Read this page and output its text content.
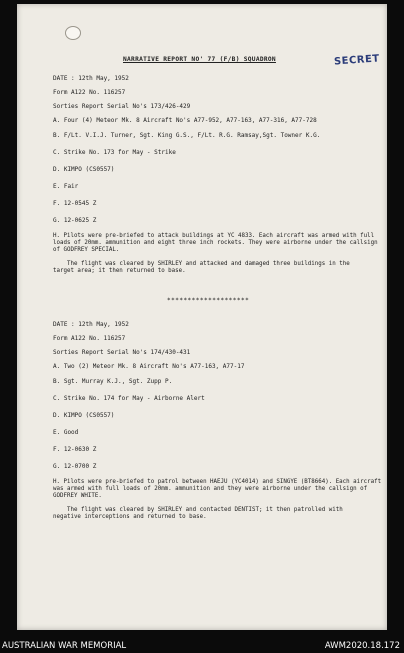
NARRATIVE REPORT NO' 77 (F/B) SQUADRON	SECRET
DATE : 12th May, 1952
Form A122 No. 116257
Sorties Report Serial No's 173/426-429
A. Four (4) Meteor Mk. 8 Aircraft No's A77-952, A77-163, A77-316, A77-728
B. F/Lt. V.I.J. Turner, Sgt. King G.S., F/Lt. R.G. Ramsay,Sgt. Towner K.G.
C. Strike No. 173 for May - Strike
D. KIMPO (CS0557)
E. Fair
F. 12-0545 Z
G. 12-0625 Z
H. Pilots were pre-briefed to attack buildings at YC 4833. Each aircraft was armed with full loads of 20mm. ammunition and eight three inch rockets. They were airborne under the callsign of GODFREY SPECIAL.
The flight was cleared by SHIRLEY and attacked and damaged three buildings in the target area; it then returned to base.
********************
DATE : 12th May, 1952
Form A122 No. 116257
Sorties Report Serial No's 174/430-431
A. Two (2) Meteor Mk. 8 Aircraft No's A77-163, A77-17
B. Sgt. Murray K.J., Sgt. Zupp P.
C. Strike No. 174 for May - Airborne Alert
D. KIMPO (CS0557)
E. Good
F. 12-0630 Z
G. 12-0700 Z
H. Pilots were pre-briefed to patrol between HAEJU (YC4014) and SINGYE (BT8664). Each aircraft was armed with full loads of 20mm. ammunition and they were airborne under the callsign of GODFREY WHITE.
The flight was cleared by SHIRLEY and contacted DENTIST; it then patrolled with negative interceptions and returned to base.
AUSTRALIAN WAR MEMORIAL	AWM2020.18.172
